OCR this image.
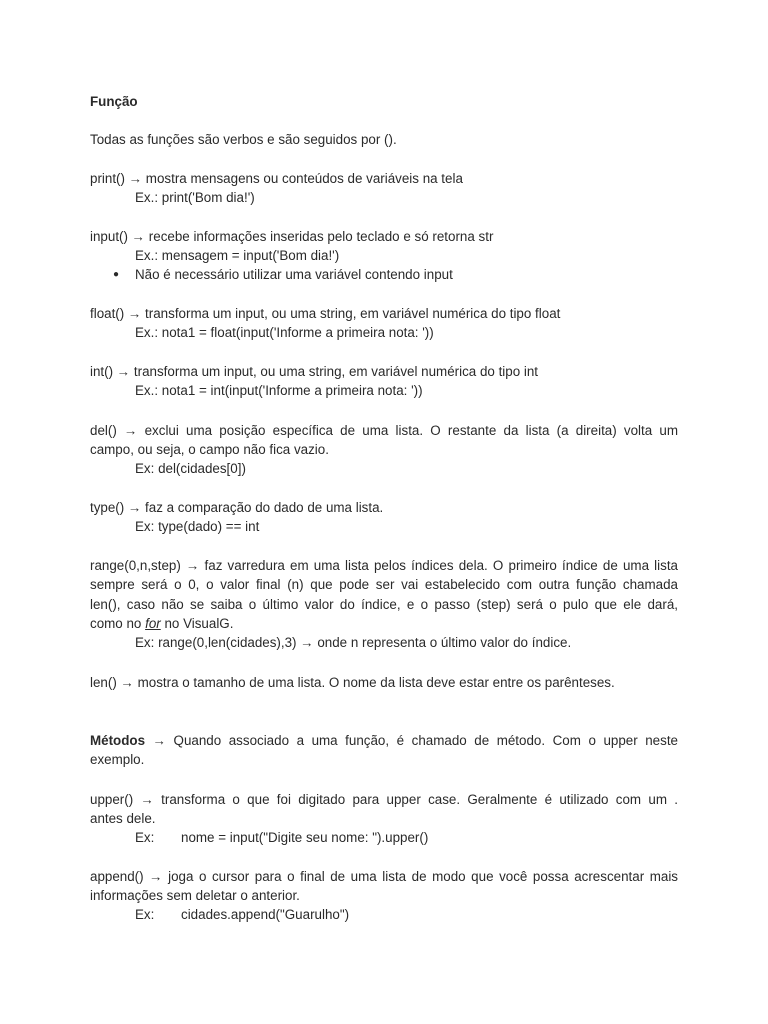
Função
Todas as funções são verbos e são seguidos por ().
print() → mostra mensagens ou conteúdos de variáveis na tela
Ex.: print('Bom dia!')
input() → recebe informações inseridas pelo teclado e só retorna str
Ex.: mensagem = input('Bom dia!')
● Não é necessário utilizar uma variável contendo input
float() → transforma um input, ou uma string, em variável numérica do tipo float
Ex.: nota1 = float(input('Informe a primeira nota: '))
int() → transforma um input, ou uma string, em variável numérica do tipo int
Ex.: nota1 = int(input('Informe a primeira nota: '))
del() → exclui uma posição específica de uma lista. O restante da lista (a direita) volta um
campo, ou seja, o campo não fica vazio.
Ex: del(cidades[0])
type() → faz a comparação do dado de uma lista.
Ex: type(dado) == int
range(0,n,step) → faz varredura em uma lista pelos índices dela. O primeiro índice de uma lista
sempre será o 0, o valor final (n) que pode ser vai estabelecido com outra função chamada
len(), caso não se saiba o último valor do índice, e o passo (step) será o pulo que ele dará,
como no for no VisualG.
Ex: range(0,len(cidades),3) → onde n representa o último valor do índice.
len() → mostra o tamanho de uma lista. O nome da lista deve estar entre os parênteses.
Métodos → Quando associado a uma função, é chamado de método. Com o upper neste
exemplo.
upper() → transforma o que foi digitado para upper case. Geralmente é utilizado com um .
antes dele.
Ex: nome = input("Digite seu nome: ").upper()
append() → joga o cursor para o final de uma lista de modo que você possa acrescentar mais
informações sem deletar o anterior.
Ex: cidades.append("Guarulho")
